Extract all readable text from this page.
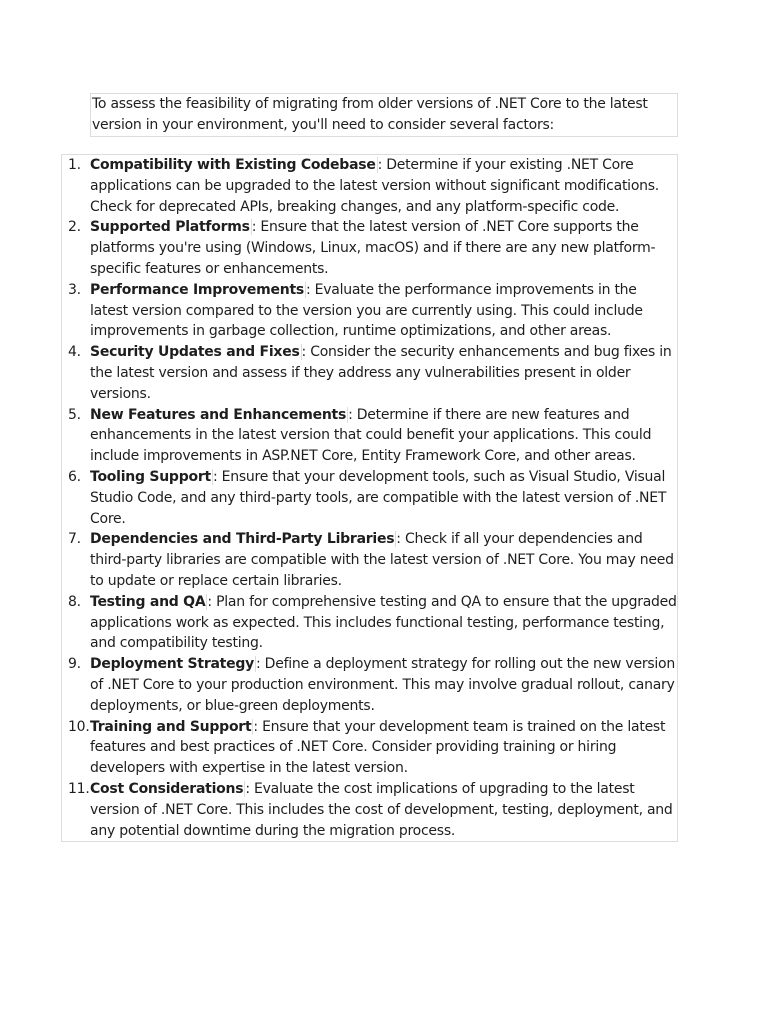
To assess the feasibility of migrating from older versions of .NET Core to the latest version in your environment, you'll need to consider several factors:
1. Compatibility with Existing Codebase : Determine if your existing .NET Core applications can be upgraded to the latest version without significant modifications. Check for deprecated APIs, breaking changes, and any platform-specific code.
2. Supported Platforms : Ensure that the latest version of .NET Core supports the platforms you're using (Windows, Linux, macOS) and if there are any new platform-specific features or enhancements.
3. Performance Improvements : Evaluate the performance improvements in the latest version compared to the version you are currently using. This could include improvements in garbage collection, runtime optimizations, and other areas.
4. Security Updates and Fixes : Consider the security enhancements and bug fixes in the latest version and assess if they address any vulnerabilities present in older versions.
5. New Features and Enhancements : Determine if there are new features and enhancements in the latest version that could benefit your applications. This could include improvements in ASP.NET Core, Entity Framework Core, and other areas.
6. Tooling Support : Ensure that your development tools, such as Visual Studio, Visual Studio Code, and any third-party tools, are compatible with the latest version of .NET Core.
7. Dependencies and Third-Party Libraries : Check if all your dependencies and third-party libraries are compatible with the latest version of .NET Core. You may need to update or replace certain libraries.
8. Testing and QA : Plan for comprehensive testing and QA to ensure that the upgraded applications work as expected. This includes functional testing, performance testing, and compatibility testing.
9. Deployment Strategy : Define a deployment strategy for rolling out the new version of .NET Core to your production environment. This may involve gradual rollout, canary deployments, or blue-green deployments.
10. Training and Support : Ensure that your development team is trained on the latest features and best practices of .NET Core. Consider providing training or hiring developers with expertise in the latest version.
11. Cost Considerations : Evaluate the cost implications of upgrading to the latest version of .NET Core. This includes the cost of development, testing, deployment, and any potential downtime during the migration process.
